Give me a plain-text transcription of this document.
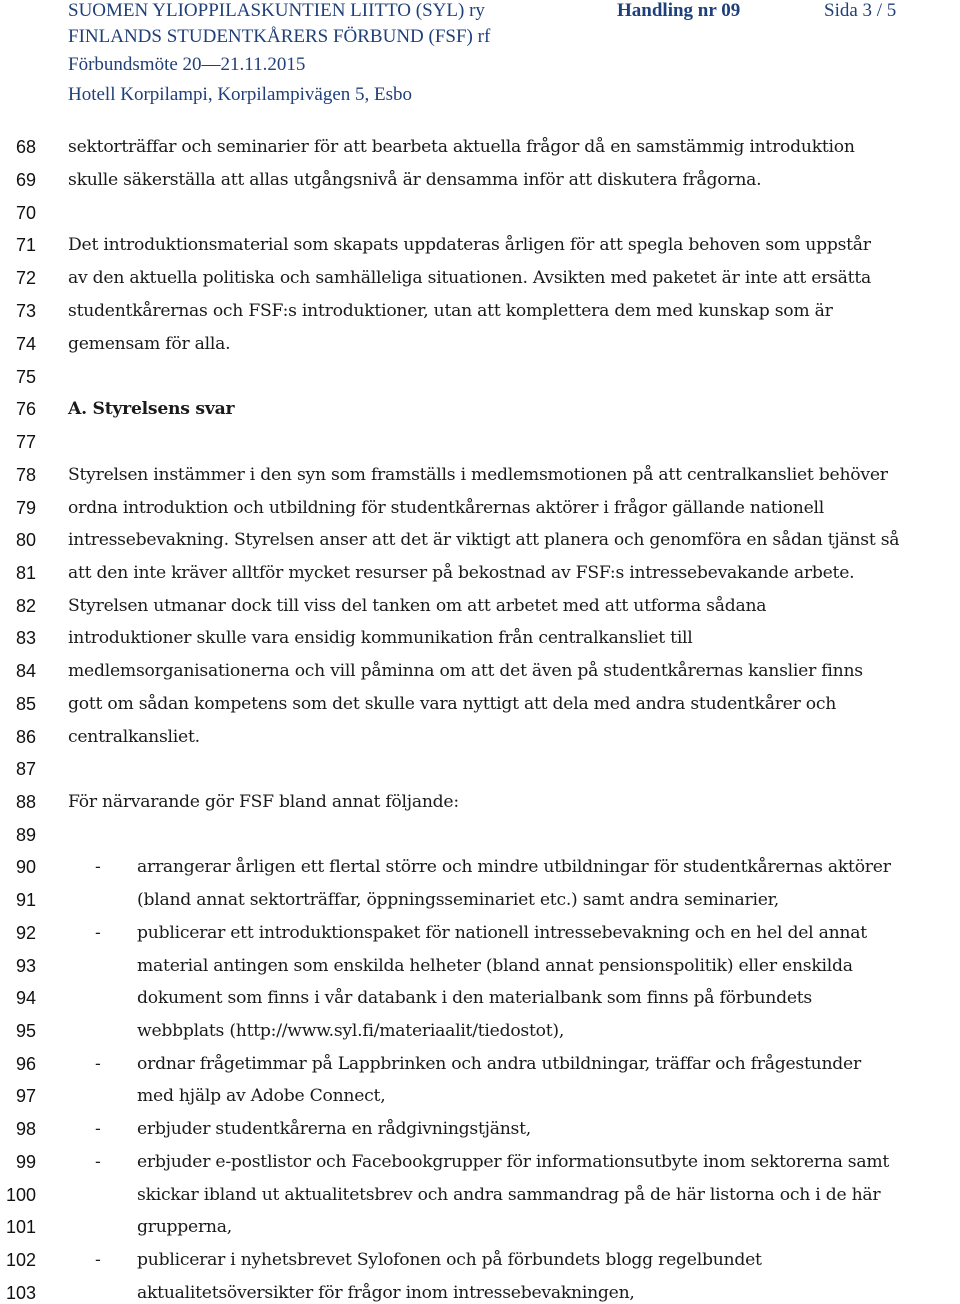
SUOMEN YLIOPPILASKUNTIEN LIITTO (SYL) ry
FINLANDS STUDENTKÅRERS FÖRBUND (FSF) rf
Förbundsmöte 20—21.11.2015
Hotell Korpilampi, Korpilampivägen 5, Esbo
Handling nr 09	Sida 3 / 5
68
69
70
71
72
73
74
75
76
77
78
79
80
81
82
83
84
85
86
87
88
89
90
91
92
93
94
95
96
97
98
99
100
101
102
103
sektorträffar och seminarier för att bearbeta aktuella frågor då en samstämmig introduktion
skulle säkerställa att allas utgångsnivå är densamma inför att diskutera frågorna.
Det introduktionsmaterial som skapats uppdateras årligen för att spegla behoven som uppstår
av den aktuella politiska och samhälleliga situationen. Avsikten med paketet är inte att ersätta
studentkårernas och FSF:s introduktioner, utan att komplettera dem med kunskap som är
gemensam för alla.
A. Styrelsens svar
Styrelsen instämmer i den syn som framställs i medlemsmotionen på att centralkansliet behöver
ordna introduktion och utbildning för studentkårernas aktörer i frågor gällande nationell
intressebevakning. Styrelsen anser att det är viktigt att planera och genomföra en sådan tjänst så
att den inte kräver alltför mycket resurser på bekostnad av FSF:s intressebevakande arbete.
Styrelsen utmanar dock till viss del tanken om att arbetet med att utforma sådana
introduktioner skulle vara ensidig kommunikation från centralkansliet till
medlemsorganisationerna och vill påminna om att det även på studentkårernas kanslier finns
gott om sådan kompetens som det skulle vara nyttigt att dela med andra studentkårer och
centralkansliet.
För närvarande gör FSF bland annat följande:
- arrangerar årligen ett flertal större och mindre utbildningar för studentkårernas aktörer
(bland annat sektorträffar, öppningsseminariet etc.) samt andra seminarier,
- publicerar ett introduktionspaket för nationell intressebevakning och en hel del annat
material antingen som enskilda helheter (bland annat pensionspolitik) eller enskilda
dokument som finns i vår databank i den materialbank som finns på förbundets
webbplats (http://www.syl.fi/materiaalit/tiedostot),
- ordnar frågetimmar på Lappbrinken och andra utbildningar, träffar och frågestunder
med hjälp av Adobe Connect,
- erbjuder studentkårerna en rådgivningstjänst,
- erbjuder e-postlistor och Facebookgrupper för informationsutbyte inom sektorerna samt
skickar ibland ut aktualitetsbrev och andra sammandrag på de här listorna och i de här
grupperna,
- publicerar i nyhetsbrevet Sylofonen och på förbundets blogg regelbundet
aktualitetsöversikter för frågor inom intressebevakningen,
